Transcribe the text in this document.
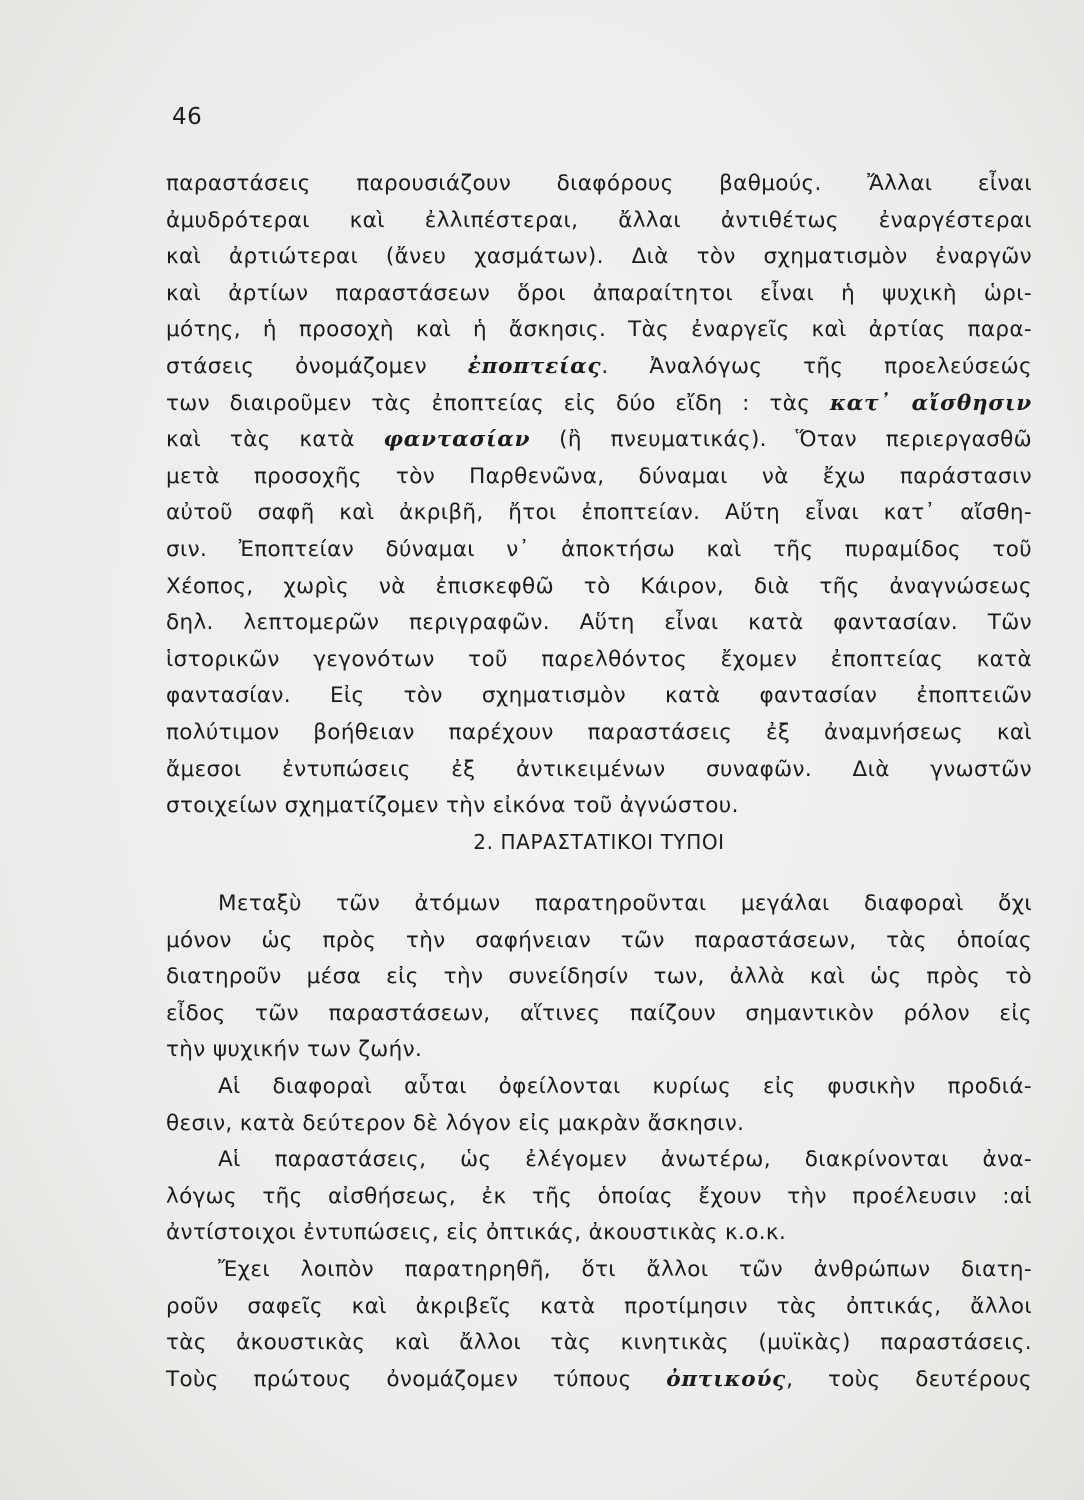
46
παραστάσεις παρουσιάζουν διαφόρους βαθμούς. Ἄλλαι εἶναι
ἀμυδρότεραι καὶ ἐλλιπέστεραι, ἄλλαι ἀντιθέτως ἐναργέστεραι
καὶ ἀρτιώτεραι (ἄνευ χασμάτων). Διὰ τὸν σχηματισμὸν ἐναργῶν
καὶ ἀρτίων παραστάσεων ὅροι ἀπαραίτητοι εἶναι ἡ ψυχικὴ ὡρι-
μότης, ἡ προσοχὴ καὶ ἡ ἄσκησις. Τὰς ἐναργεῖς καὶ ἀρτίας παρα-
στάσεις ὀνομάζομεν ἐποπτείας. Ἀναλόγως τῆς προελεύσεώς
των διαιροῦμεν τὰς ἐποπτείας εἰς δύο εἴδη : τὰς κατ᾿ αἴσθησιν
καὶ τὰς κατὰ φαντασίαν (ἢ πνευματικάς). Ὅταν περιεργασθῶ
μετὰ προσοχῆς τὸν Παρθενῶνα, δύναμαι νὰ ἔχω παράστασιν
αὐτοῦ σαφῆ καὶ ἀκριβῆ, ἤτοι ἐποπτείαν. Αὕτη εἶναι κατ᾿ αἴσθη-
σιν. Ἐποπτείαν δύναμαι ν᾿ ἀποκτήσω καὶ τῆς πυραμίδος τοῦ
Χέοπος, χωρὶς νὰ ἐπισκεφθῶ τὸ Κάιρον, διὰ τῆς ἀναγνώσεως
δηλ. λεπτομερῶν περιγραφῶν. Αὕτη εἶναι κατὰ φαντασίαν. Τῶν
ἱστορικῶν γεγονότων τοῦ παρελθόντος ἔχομεν ἐποπτείας κατὰ
φαντασίαν. Εἰς τὸν σχηματισμὸν κατὰ φαντασίαν ἐποπτειῶν
πολύτιμον βοήθειαν παρέχουν παραστάσεις ἐξ ἀναμνήσεως καὶ
ἄμεσοι ἐντυπώσεις ἐξ ἀντικειμένων συναφῶν. Διὰ γνωστῶν
στοιχείων σχηματίζομεν τὴν εἰκόνα τοῦ ἀγνώστου.
2. ΠΑΡΑΣΤΑΤΙΚΟΙ ΤΥΠΟΙ
Μεταξὺ τῶν ἀτόμων παρατηροῦνται μεγάλαι διαφοραὶ ὄχι
μόνον ὡς πρὸς τὴν σαφήνειαν τῶν παραστάσεων, τὰς ὁποίας
διατηροῦν μέσα εἰς τὴν συνείδησίν των, ἀλλὰ καὶ ὡς πρὸς τὸ
εἶδος τῶν παραστάσεων, αἵτινες παίζουν σημαντικὸν ρόλον εἰς
τὴν ψυχικήν των ζωήν.
Αἱ διαφοραὶ αὗται ὀφείλονται κυρίως εἰς φυσικὴν προδιά-
θεσιν, κατὰ δεύτερον δὲ λόγον εἰς μακρὰν ἄσκησιν.
Αἱ παραστάσεις, ὡς ἐλέγομεν ἀνωτέρω, διακρίνονται ἀνα-
λόγως τῆς αἰσθήσεως, ἐκ τῆς ὁποίας ἔχουν τὴν προέλευσιν :αἱ
ἀντίστοιχοι ἐντυπώσεις, εἰς ὀπτικάς, ἀκουστικὰς κ.ο.κ.
Ἔχει λοιπὸν παρατηρηθῆ, ὅτι ἄλλοι τῶν ἀνθρώπων διατη-
ροῦν σαφεῖς καὶ ἀκριβεῖς κατὰ προτίμησιν τὰς ὀπτικάς, ἄλλοι
τὰς ἀκουστικὰς καὶ ἄλλοι τὰς κινητικὰς (μυϊκὰς) παραστάσεις.
Τοὺς πρώτους ὀνομάζομεν τύπους ὀπτικούς, τοὺς δευτέρους
